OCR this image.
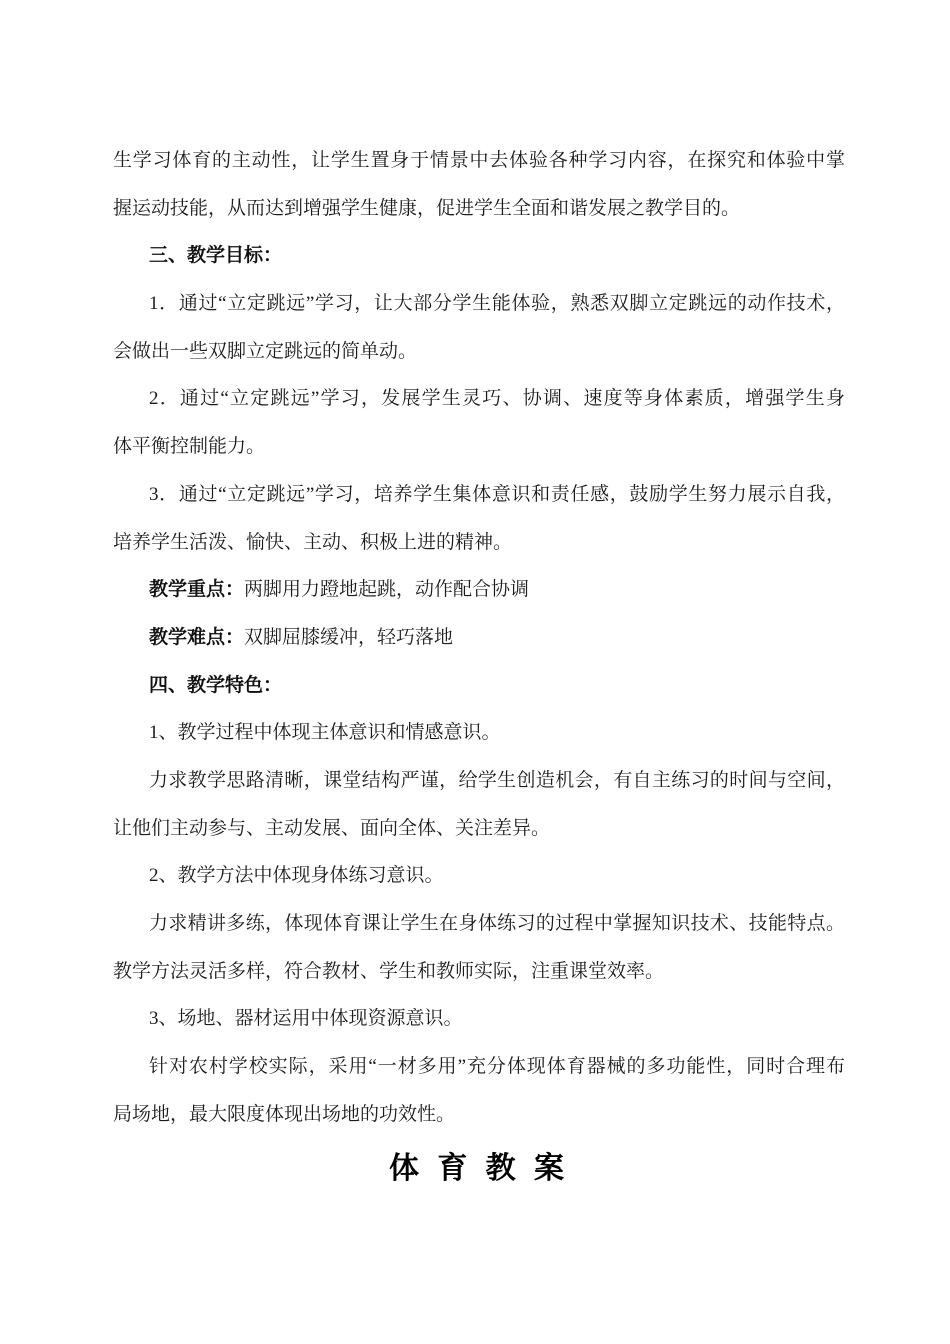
生学习体育的主动性，让学生置身于情景中去体验各种学习内容，在探究和体验中掌
握运动技能，从而达到增强学生健康，促进学生全面和谐发展之教学目的。
三、教学目标：
1．通过“立定跳远”学习，让大部分学生能体验，熟悉双脚立定跳远的动作技术，
会做出一些双脚立定跳远的简单动。
2．通过“立定跳远”学习，发展学生灵巧、协调、速度等身体素质，增强学生身
体平衡控制能力。
3．通过“立定跳远”学习，培养学生集体意识和责任感，鼓励学生努力展示自我，
培养学生活泼、愉快、主动、积极上进的精神。
教学重点：两脚用力蹬地起跳，动作配合协调
教学难点：双脚屈膝缓冲，轻巧落地
四、教学特色：
1、教学过程中体现主体意识和情感意识。
力求教学思路清晰，课堂结构严谨，给学生创造机会，有自主练习的时间与空间，
让他们主动参与、主动发展、面向全体、关注差异。
2、教学方法中体现身体练习意识。
力求精讲多练，体现体育课让学生在身体练习的过程中掌握知识技术、技能特点。
教学方法灵活多样，符合教材、学生和教师实际，注重课堂效率。
3、场地、器材运用中体现资源意识。
针对农村学校实际，采用“一材多用”充分体现体育器械的多功能性，同时合理布
局场地，最大限度体现出场地的功效性。
体 育 教 案
